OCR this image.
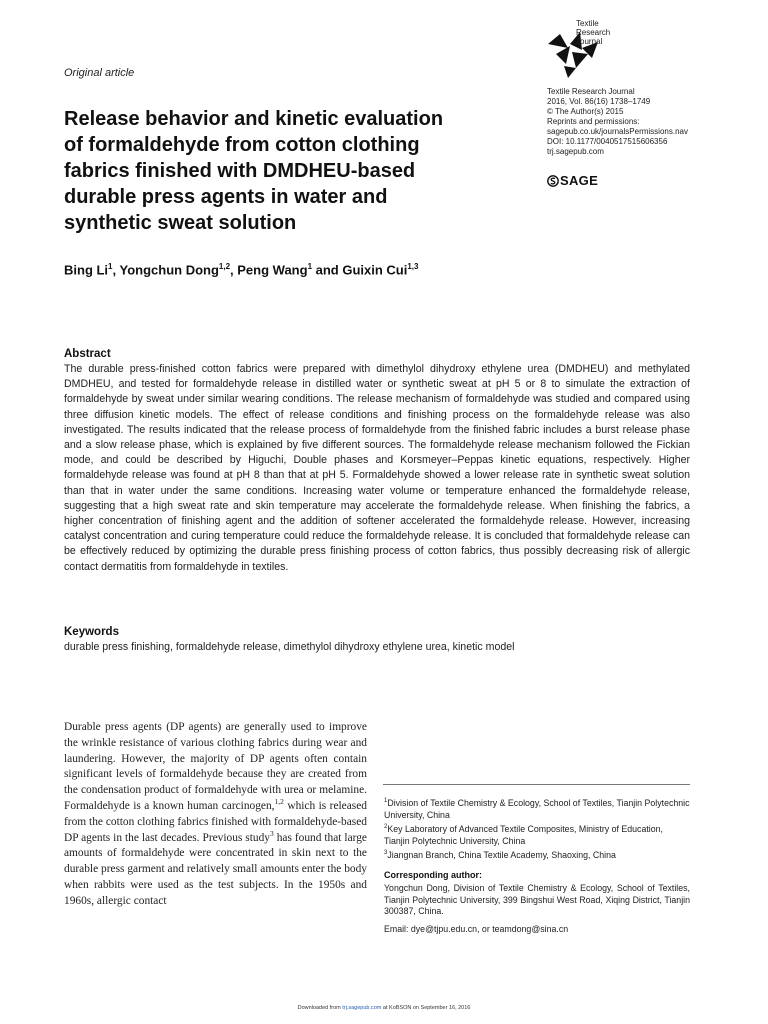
Textile
Research
Journal
Textile Research Journal
2016, Vol. 86(16) 1738–1749
© The Author(s) 2015
Reprints and permissions:
sagepub.co.uk/journalsPermissions.nav
DOI: 10.1177/0040517515606356
trj.sagepub.com
SAGE
Original article
Release behavior and kinetic evaluation
of formaldehyde from cotton clothing
fabrics finished with DMDHEU-based
durable press agents in water and
synthetic sweat solution
Bing Li$^1$, Yongchun Dong$^{1,2}$, Peng Wang$^1$ and Guixin Cui$^{1,3}$
Abstract
The durable press-finished cotton fabrics were prepared with dimethylol dihydroxy ethylene urea (DMDHEU) and methylated DMDHEU, and tested for formaldehyde release in distilled water or synthetic sweat at pH 5 or 8 to simulate the extraction of formaldehyde by sweat under similar wearing conditions. The release mechanism of formaldehyde was studied and compared using three diffusion kinetic models. The effect of release conditions and finishing process on the formaldehyde release was also investigated. The results indicated that the release process of formaldehyde from the finished fabric includes a burst release phase and a slow release phase, which is explained by five different sources. The formaldehyde release mechanism followed the Fickian mode, and could be described by Higuchi, Double phases and Korsmeyer–Peppas kinetic equations, respectively. Higher formaldehyde release was found at pH 8 than that at pH 5. Formaldehyde showed a lower release rate in synthetic sweat solution than that in water under the same conditions. Increasing water volume or temperature enhanced the formaldehyde release, suggesting that a high sweat rate and skin temperature may accelerate the formaldehyde release. When finishing the fabrics, a higher concentration of finishing agent and the addition of softener accelerated the formaldehyde release. However, increasing catalyst concentration and curing temperature could reduce the formaldehyde release. It is concluded that formaldehyde release can be effectively reduced by optimizing the durable press finishing process of cotton fabrics, thus possibly decreasing risk of allergic contact dermatitis from formaldehyde in textiles.
Keywords
durable press finishing, formaldehyde release, dimethylol dihydroxy ethylene urea, kinetic model
Durable press agents (DP agents) are generally used to improve the wrinkle resistance of various clothing fabrics during wear and laundering. However, the majority of DP agents often contain significant levels of formaldehyde because they are created from the condensation product of formaldehyde with urea or melamine. Formaldehyde is a known human carcinogen,$^{1,2}$ which is released from the cotton clothing fabrics finished with formaldehyde-based DP agents in the last decades. Previous study$^3$ has found that large amounts of formaldehyde were concentrated in skin next to the durable press garment and relatively small amounts enter the body when rabbits were used as the test subjects. In the 1950s and 1960s, allergic contact
$^1$Division of Textile Chemistry & Ecology, School of Textiles, Tianjin Polytechnic University, China
$^2$Key Laboratory of Advanced Textile Composites, Ministry of Education, Tianjin Polytechnic University, China
$^3$Jiangnan Branch, China Textile Academy, Shaoxing, China
Corresponding author:
Yongchun Dong, Division of Textile Chemistry & Ecology, School of Textiles, Tianjin Polytechnic University, 399 Bingshui West Road, Xiqing District, Tianjin 300387, China.
Email: dye@tjpu.edu.cn, or teamdong@sina.cn
Downloaded from trj.sagepub.com at KoBSON on September 16, 2016
